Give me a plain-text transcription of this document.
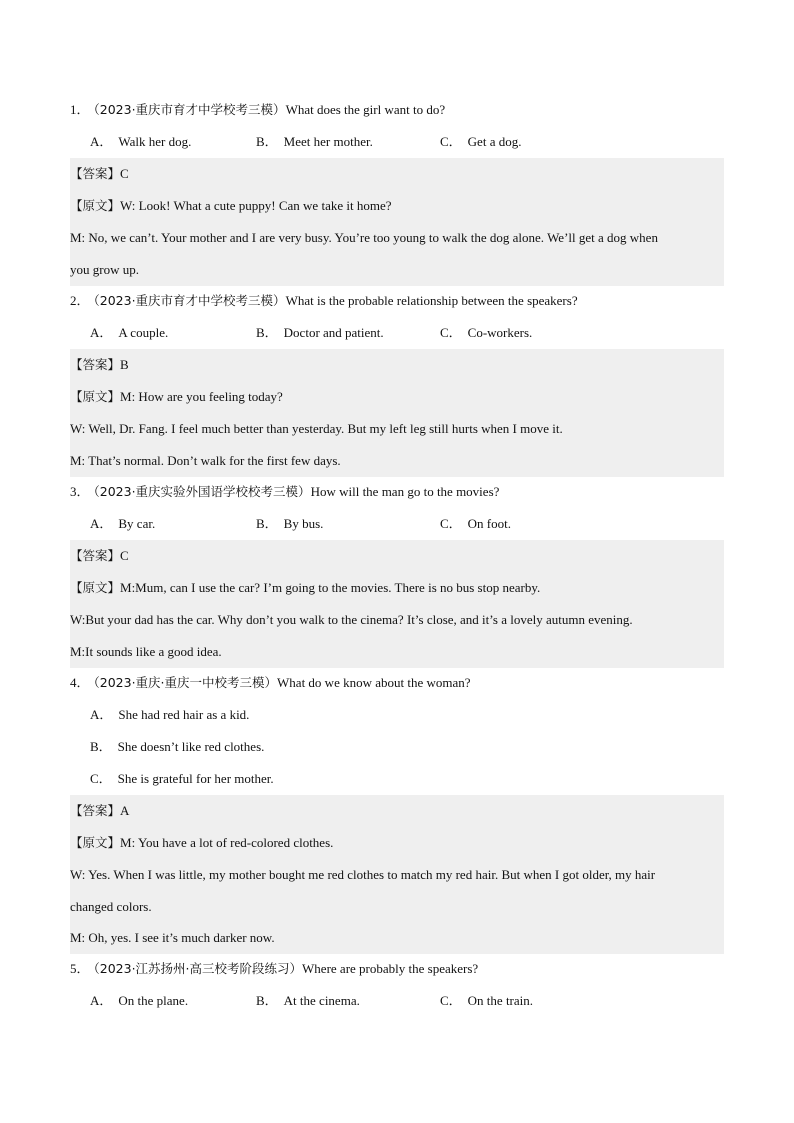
1． （2023·重庆市育才中学校考三模）What does the girl want to do?
A． Walk her dog.	B． Meet her mother.	C． Get a dog.
【答案】C
【原文】W: Look! What a cute puppy! Can we take it home?
M: No, we can’t. Your mother and I are very busy. You’re too young to walk the dog alone. We’ll get a dog when
you grow up.
2． （2023·重庆市育才中学校考三模）What is the probable relationship between the speakers?
A． A couple.	B． Doctor and patient.	C． Co-workers.
【答案】B
【原文】M: How are you feeling today?
W: Well, Dr. Fang. I feel much better than yesterday. But my left leg still hurts when I move it.
M: That’s normal. Don’t walk for the first few days.
3． （2023·重庆实验外国语学校校考三模）How will the man go to the movies?
A． By car.	B． By bus.	C． On foot.
【答案】C
【原文】M:Mum, can I use the car? I’m going to the movies. There is no bus stop nearby.
W:But your dad has the car. Why don’t you walk to the cinema? It’s close, and it’s a lovely autumn evening.
M:It sounds like a good idea.
4． （2023·重庆·重庆一中校考三模）What do we know about the woman?
A． She had red hair as a kid.
B． She doesn’t like red clothes.
C． She is grateful for her mother.
【答案】A
【原文】M: You have a lot of red-colored clothes.
W: Yes. When I was little, my mother bought me red clothes to match my red hair. But when I got older, my hair
changed colors.
M: Oh, yes. I see it’s much darker now.
5． （2023·江苏扬州·高三校考阶段练习）Where are probably the speakers?
A． On the plane.	B． At the cinema.	C． On the train.
